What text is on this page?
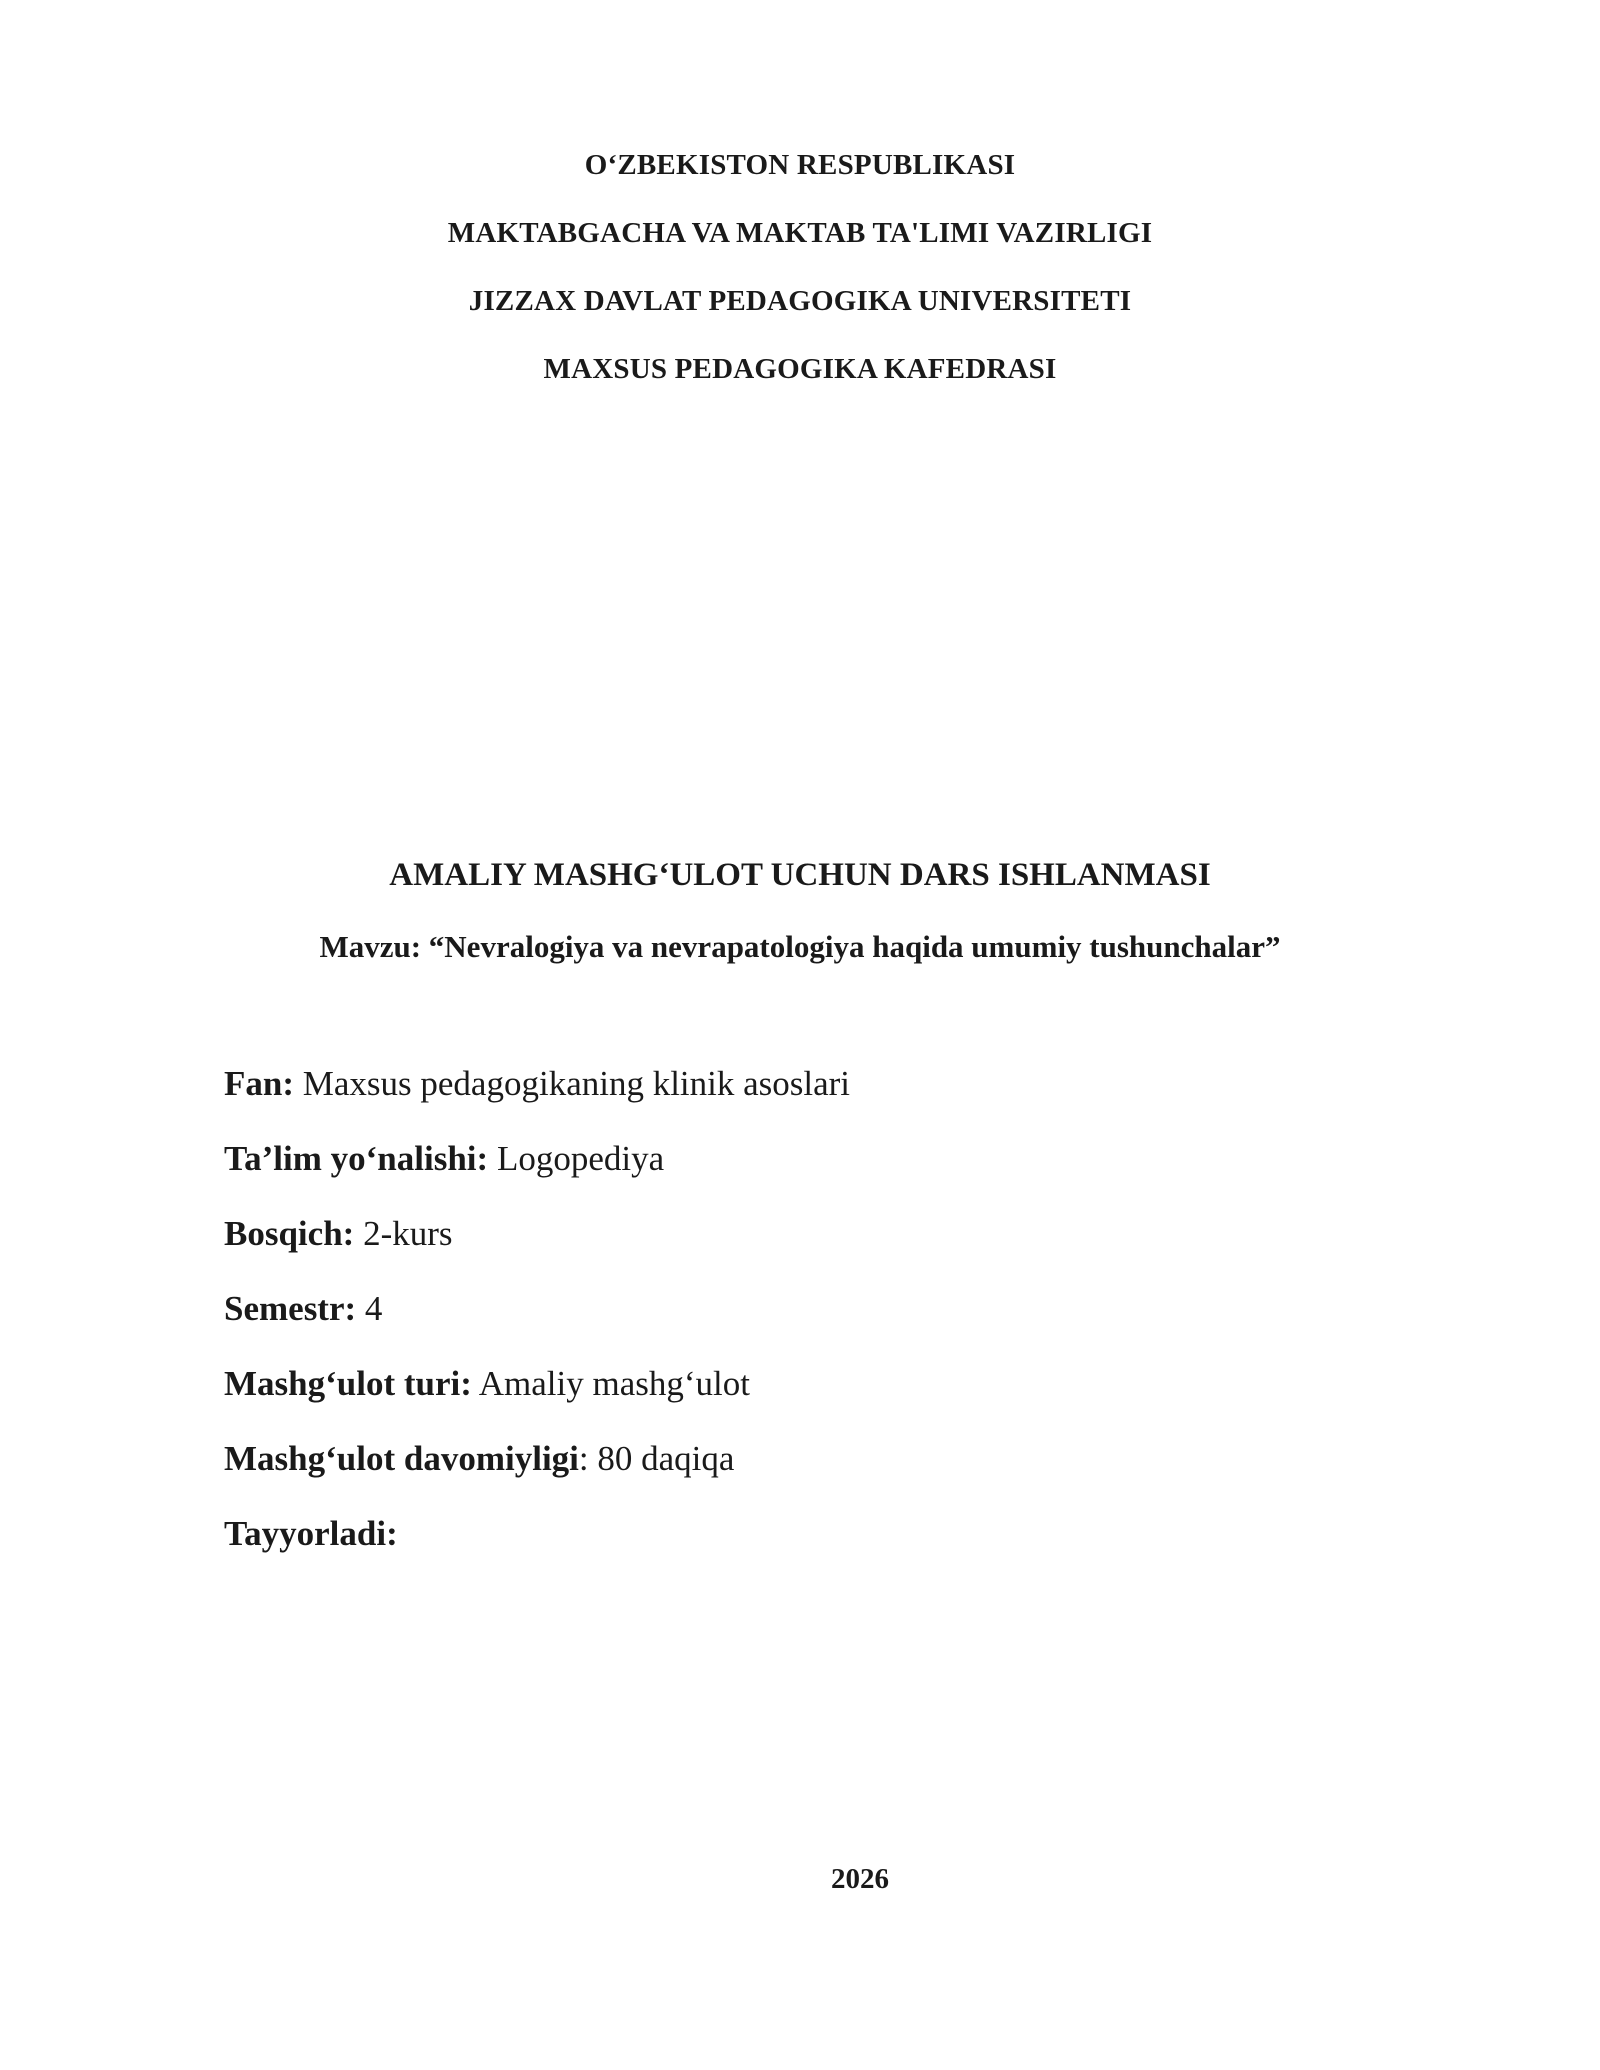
O‘ZBEKISTON RESPUBLIKASI
MAKTABGACHA VA MAKTAB TA'LIMI VAZIRLIGI
JIZZAX DAVLAT PEDAGOGIKA UNIVERSITETI
MAXSUS PEDAGOGIKA KAFEDRASI
AMALIY MASHG‘ULOT UCHUN DARS ISHLANMASI
Mavzu: “Nevralogiya va nevrapatologiya haqida umumiy tushunchalar”
Fan: Maxsus pedagogikaning klinik asoslari
Ta’lim yo‘nalishi: Logopediya
Bosqich: 2-kurs
Semestr: 4
Mashg‘ulot turi: Amaliy mashg‘ulot
Mashg‘ulot davomiyligi: 80 daqiqa
Tayyorladi:
2026
